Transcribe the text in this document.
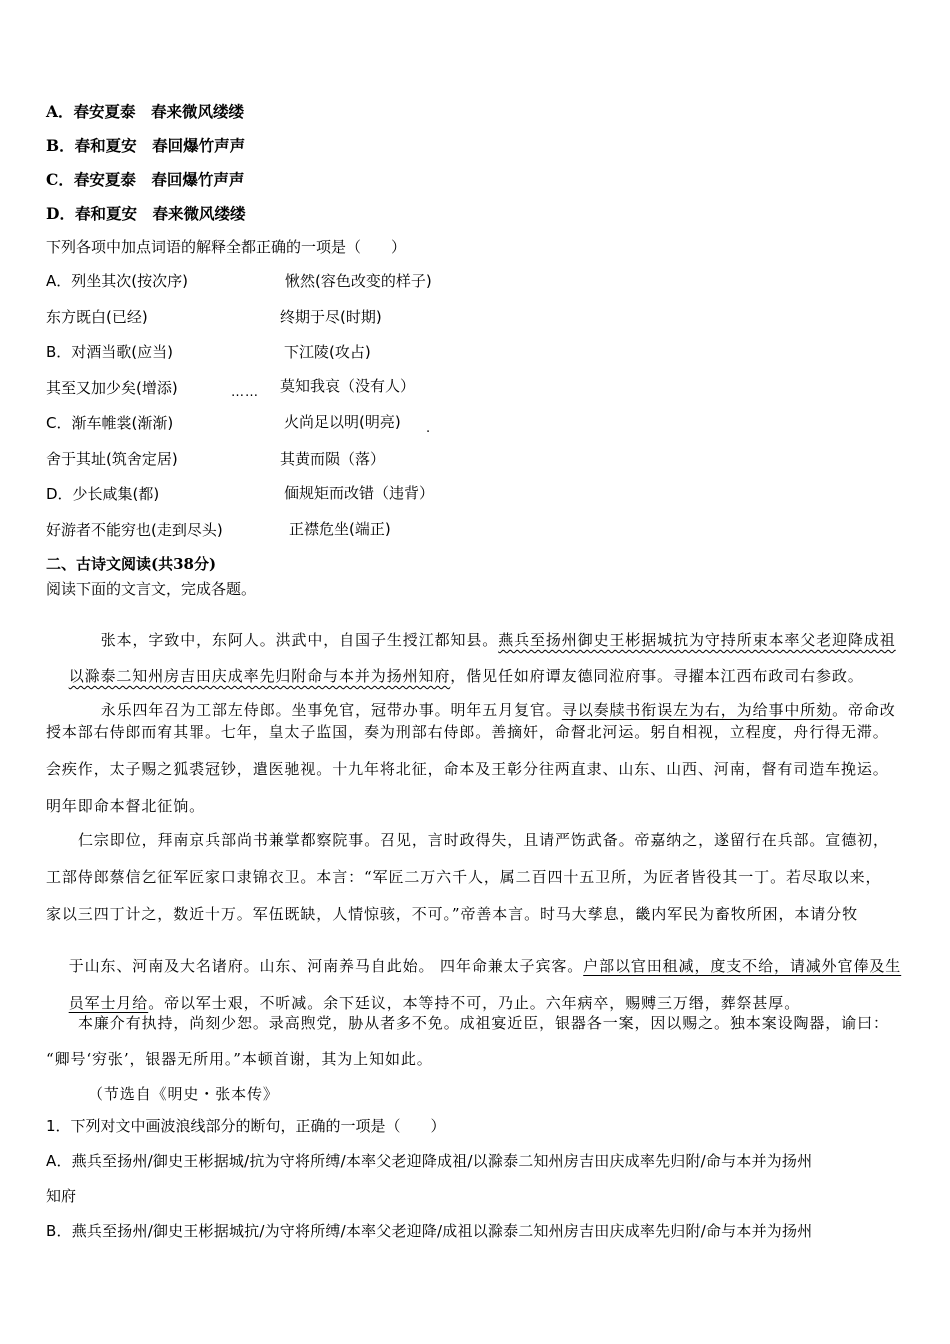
A．春安夏泰　春来微风缕缕
B．春和夏安　春回爆竹声声
C．春安夏泰　春回爆竹声声
D．春和夏安　春来微风缕缕
下列各项中加点词语的解释全都正确的一项是（　　）
A．列坐其次(按次序)	愀然(容色改变的样子)
东方既白(已经)	终期于尽(时期)
B．对酒当歌(应当)	下江陵(攻占)
其至又加少矣(增添)	…… 莫知我哀（没有人）
C．渐车帷裳(渐渐)	火尚足以明(明亮) .
舍于其址(筑舍定居)	其黄而陨（落）
D．少长咸集(都)	偭规矩而改错（违背）
好游者不能穷也(走到尽头)	正襟危坐(端正)
二、古诗文阅读(共38分)
阅读下面的文言文，完成各题。

张本，字致中，东阿人。洪武中，自国子生授江都知县。燕兵至扬州御史王彬据城抗为守持所束本率父老迎降成祖

以滁泰二知州房吉田庆成率先归附命与本并为扬州知府，偕见任如府谭友德同涖府事。寻擢本江西布政司右参政。

永乐四年召为工部左侍郎。坐事免官，冠带办事。明年五月复官。寻以奏牍书衔误左为右，为给事中所劾。帝命改

授本部右侍郎而宥其罪。七年，皇太子监国，奏为刑部右侍郎。善摘奸，命督北河运。躬自相视，立程度，舟行得无滞。
会疾作，太子赐之狐裘冠钞，遣医驰视。十九年将北征，命本及王彰分往两直隶、山东、山西、河南，督有司造车挽运。
明年即命本督北征饷。
仁宗即位，拜南京兵部尚书兼掌都察院事。召见，言时政得失，且请严饬武备。帝嘉纳之，遂留行在兵部。宣德初，
工部侍郎蔡信乞征军匠家口隶锦衣卫。本言：“军匠二万六千人，属二百四十五卫所，为匠者皆役其一丁。若尽取以来，
家以三四丁计之，数近十万。军伍既缺，人情惊骇，不可。”帝善本言。时马大孳息，畿内军民为畜牧所困，本请分牧

于山东、河南及大名诸府。山东、河南养马自此始。 四年命兼太子宾客。户部以官田租减，度支不给，请减外官俸及生

员军士月给。帝以军士艰，不听减。余下廷议，本等持不可，乃止。六年病卒，赐赙三万缗，葬祭甚厚。

本廉介有执持，尚刻少恕。录高煦党，胁从者多不免。成祖宴近臣，银器各一案，因以赐之。独本案设陶器，谕曰：
“卿号‘穷张’，银器无所用。”本顿首谢，其为上知如此。
（节选自《明史・张本传》
1．下列对文中画波浪线部分的断句，正确的一项是（　　）
A．燕兵至扬州/御史王彬据城/抗为守将所缚/本率父老迎降成祖/以滁泰二知州房吉田庆成率先归附/命与本并为扬州
知府
B．燕兵至扬州/御史王彬据城抗/为守将所缚/本率父老迎降/成祖以滁泰二知州房吉田庆成率先归附/命与本并为扬州
